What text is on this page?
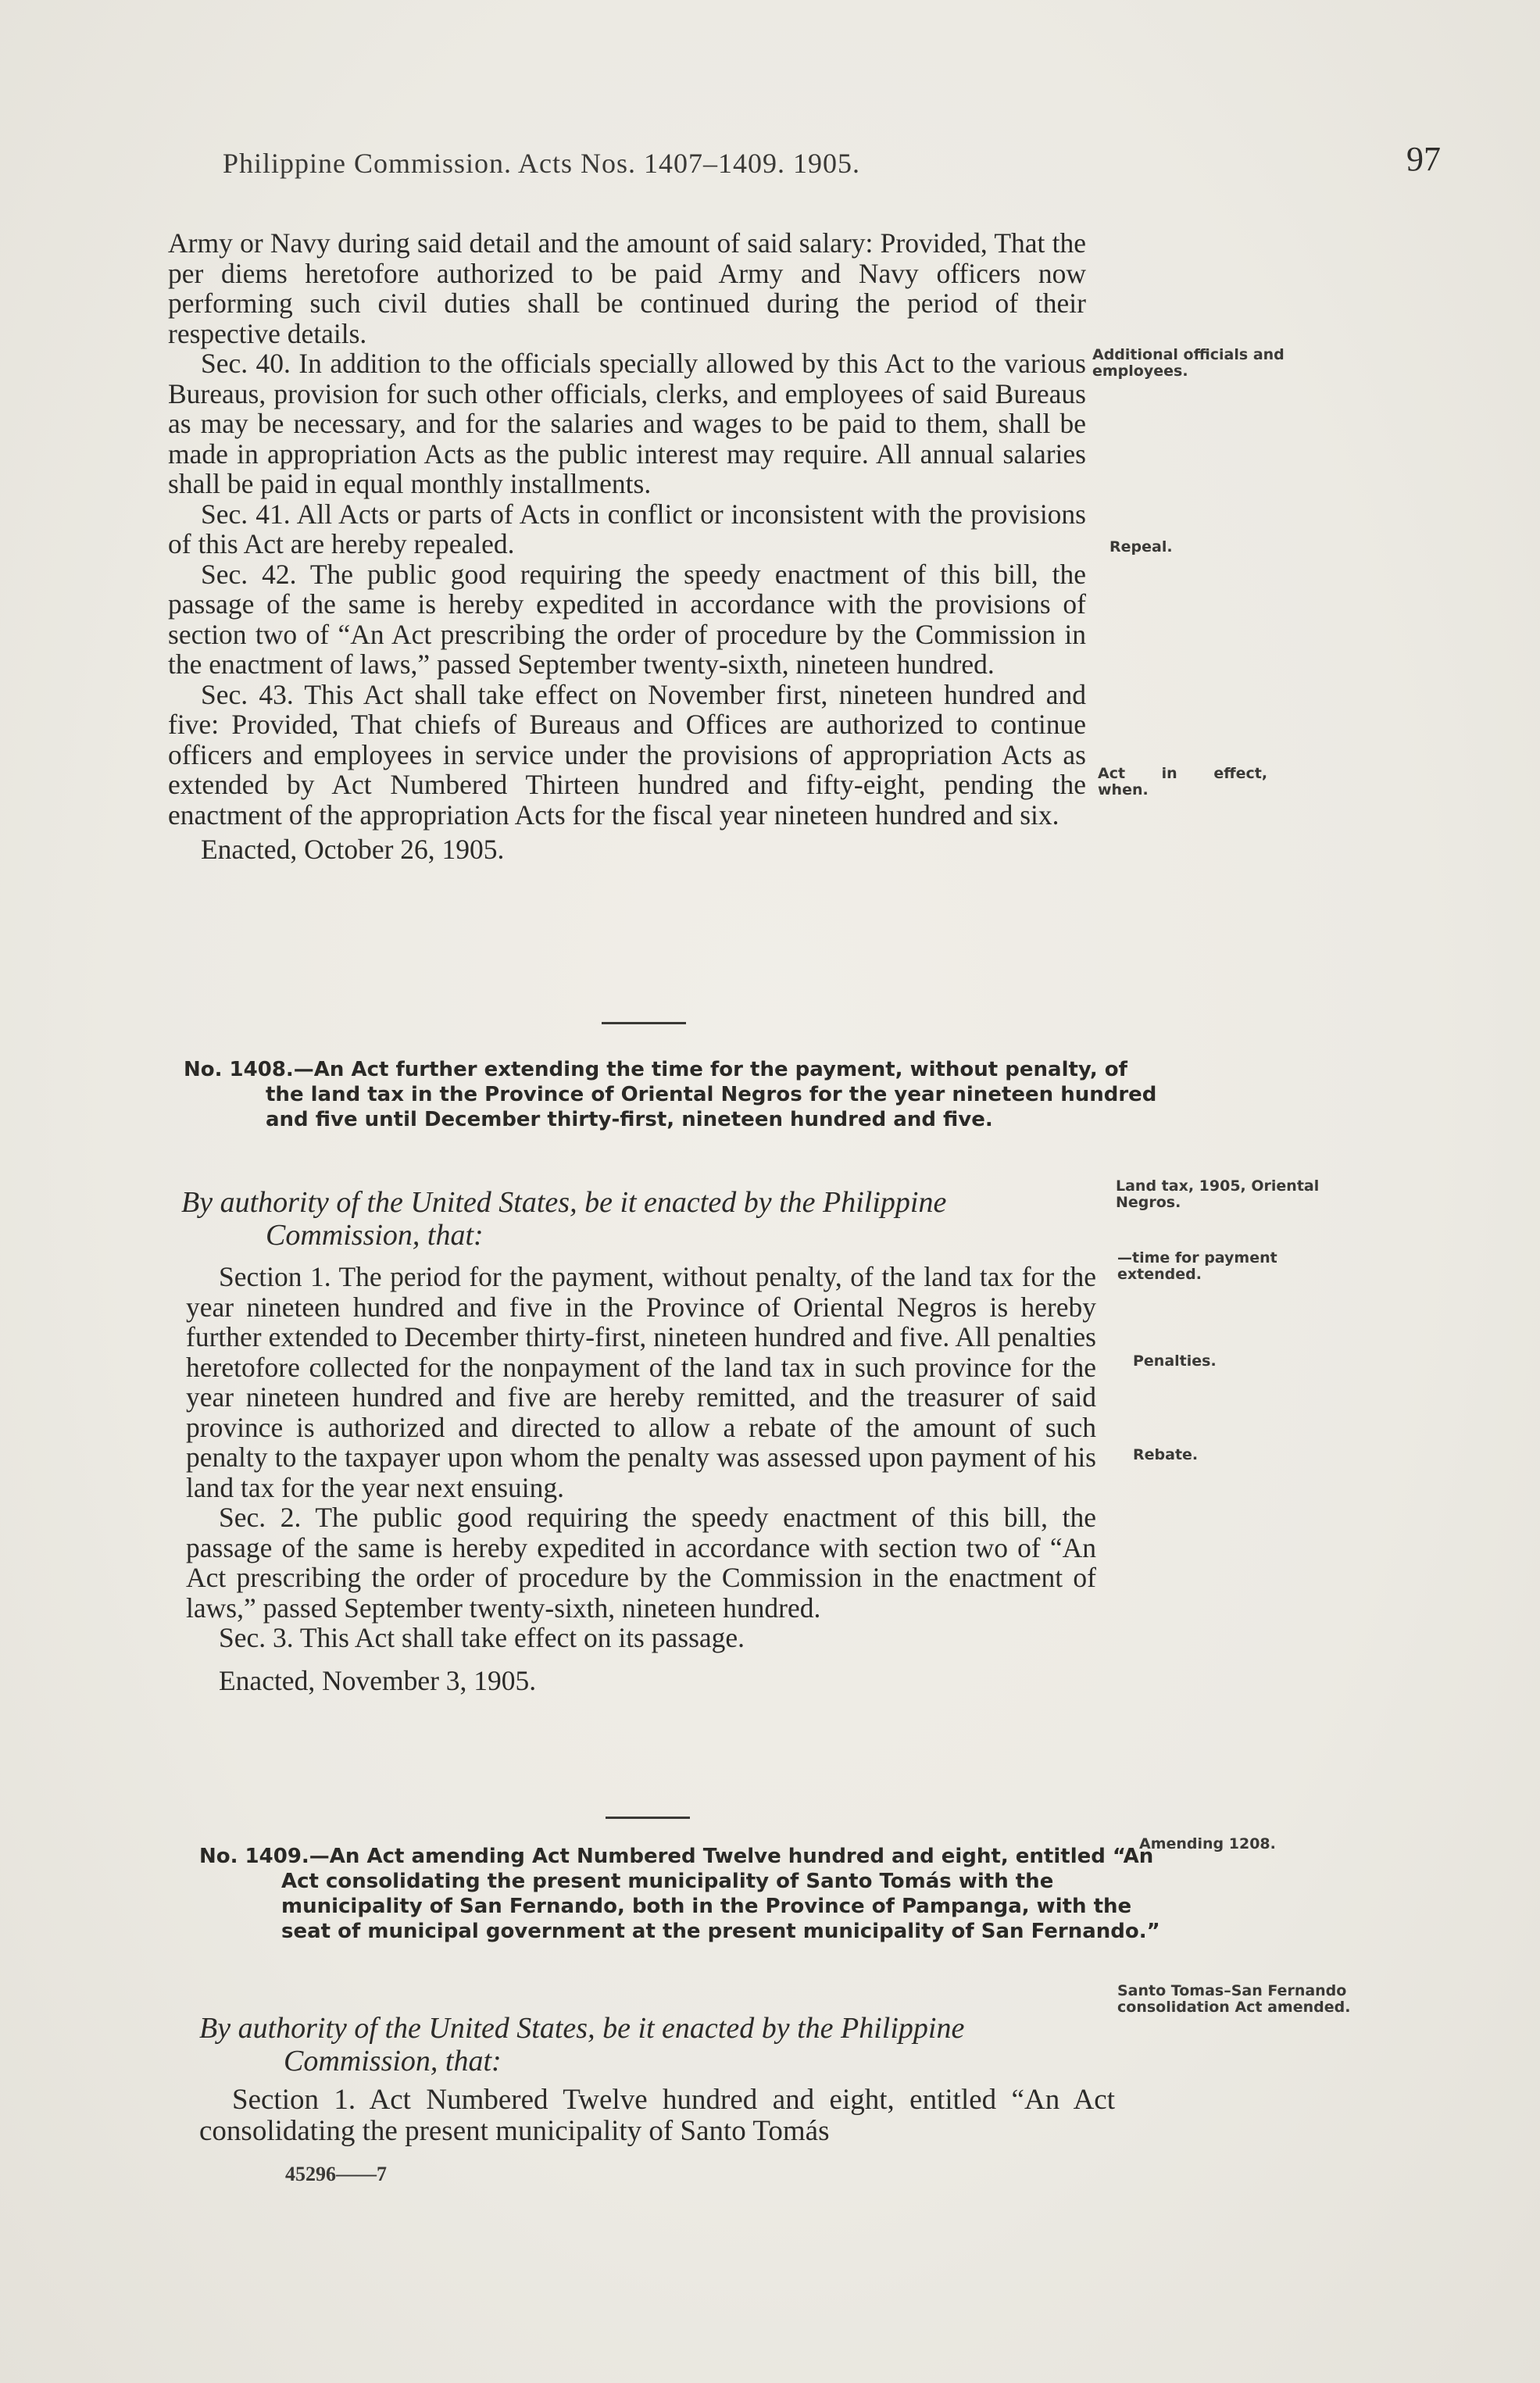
Philippine Commission. Acts Nos. 1407–1409. 1905.	97

Army or Navy during said detail and the amount of said salary: Provided, That the per diems heretofore authorized to be paid Army and Navy officers now performing such civil duties shall be continued during the period of their respective details.

Sec. 40. In addition to the officials specially allowed by this Act to the various Bureaus, provision for such other officials, clerks, and employees of said Bureaus as may be necessary, and for the salaries and wages to be paid to them, shall be made in appropriation Acts as the public interest may require. All annual salaries shall be paid in equal monthly installments.

Sec. 41. All Acts or parts of Acts in conflict or inconsistent with the provisions of this Act are hereby repealed.

Sec. 42. The public good requiring the speedy enactment of this bill, the passage of the same is hereby expedited in accordance with the provisions of section two of “An Act prescribing the order of procedure by the Commission in the enactment of laws,” passed September twenty-sixth, nineteen hundred.

Sec. 43. This Act shall take effect on November first, nineteen hundred and five: Provided, That chiefs of Bureaus and Offices are authorized to continue officers and employees in service under the provisions of appropriation Acts as extended by Act Numbered Thirteen hundred and fifty-eight, pending the enactment of the appropriation Acts for the fiscal year nineteen hundred and six.

Enacted, October 26, 1905.

No. 1408.—An Act further extending the time for the payment, without penalty, of the land tax in the Province of Oriental Negros for the year nineteen hundred and five until December thirty-first, nineteen hundred and five.
By authority of the United States, be it enacted by the Philippine
Commission, that:

Section 1. The period for the payment, without penalty, of the land tax for the year nineteen hundred and five in the Province of Oriental Negros is hereby further extended to December thirty-first, nineteen hundred and five. All penalties heretofore collected for the nonpayment of the land tax in such province for the year nineteen hundred and five are hereby remitted, and the treasurer of said province is authorized and directed to allow a rebate of the amount of such penalty to the taxpayer upon whom the penalty was assessed upon payment of his land tax for the year next ensuing.

Sec. 2. The public good requiring the speedy enactment of this bill, the passage of the same is hereby expedited in accordance with section two of “An Act prescribing the order of procedure by the Commission in the enactment of laws,” passed September twenty-sixth, nineteen hundred.

Sec. 3. This Act shall take effect on its passage.

Enacted, November 3, 1905.

No. 1409.—An Act amending Act Numbered Twelve hundred and eight, entitled “An Act consolidating the present municipality of Santo Tomás with the municipality of San Fernando, both in the Province of Pampanga, with the seat of municipal government at the present municipality of San Fernando.”
By authority of the United States, be it enacted by the Philippine
Commission, that:

Section 1. Act Numbered Twelve hundred and eight, entitled “An Act consolidating the present municipality of Santo Tomás

Additional officials and employees.
Repeal.
Act in effect, when.
Land tax, 1905, Oriental Negros.
—time for payment extended.
Penalties.
Rebate.
Amending 1208.
Santo Tomas–San Fernando consolidation Act amended.
45296——7
